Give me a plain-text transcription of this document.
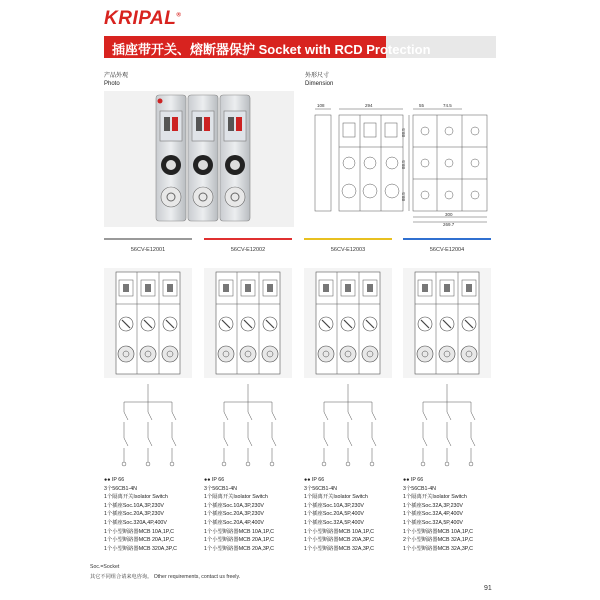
KRIPAL®
插座带开关、熔断器保护 Socket with RCD Protection
产品外观
Photo
外形尺寸
Dimension
108	294	55	74.5
88.5
88.5
88.5
300
269.7
56CV-E12001
●● IP 66
3个56CB1-4N
1个隔离开关Isolator Switch
1个插座Soc.10A,3P,230V
1个插座Soc.20A,3P,230V
1个插座Soc.320A,4P,400V
1个小型断路器MCB 10A,1P,C
1个小型断路器MCB 20A,1P,C
1个小型断路器MCB 320A,3P,C
56CV-E12002
●● IP 66
3个56CB1-4N
1个隔离开关Isolator Switch
1个插座Soc.10A,3P,230V
1个插座Soc.20A,3P,230V
1个插座Soc.20A,4P,400V
1个小型断路器MCB 10A,1P,C
1个小型断路器MCB 20A,1P,C
1个小型断路器MCB 20A,3P,C
56CV-E12003
●● IP 66
3个56CB1-4N
1个隔离开关Isolator Switch
1个插座Soc.10A,3P,230V
1个插座Soc.20A,5P,400V
1个插座Soc.32A,5P,400V
1个小型断路器MCB 10A,1P,C
1个小型断路器MCB 20A,3P,C
1个小型断路器MCB 32A,3P,C
56CV-E12004
●● IP 66
3个56CB1-4N
1个隔离开关Isolator Switch
1个插座Soc.32A,3P,230V
1个插座Soc.32A,4P,400V
1个插座Soc.32A,5P,400V
1个小型断路器MCB 10A,1P,C
2个小型断路器MCB 32A,1P,C
1个小型断路器MCB 32A,3P,C
Soc.=Socket
其它不同组合请来电咨询。 Other requirements, contact us freely.
91
